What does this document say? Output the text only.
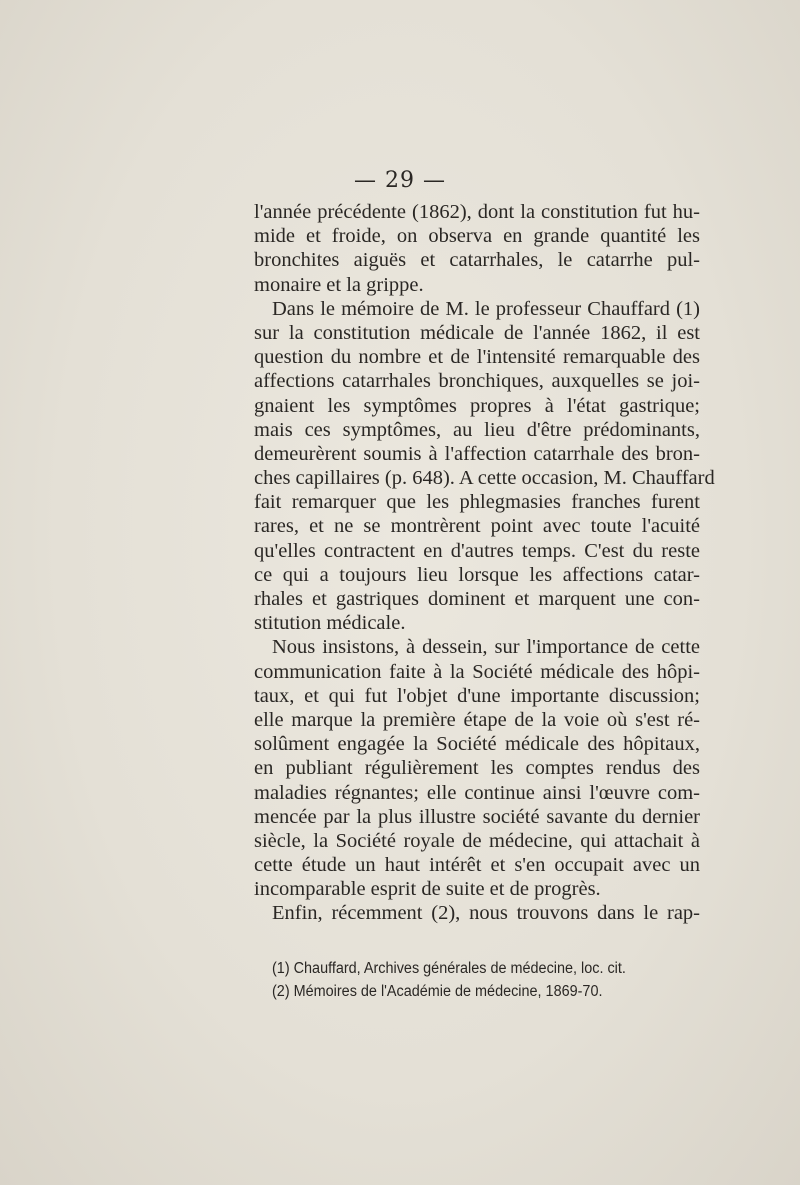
— 29 —
l'année précédente (1862), dont la constitution fut hu-
mide et froide, on observa en grande quantité les
bronchites aiguës et catarrhales, le catarrhe pul-
monaire et la grippe.
Dans le mémoire de M. le professeur Chauffard (1)
sur la constitution médicale de l'année 1862, il est
question du nombre et de l'intensité remarquable des
affections catarrhales bronchiques, auxquelles se joi-
gnaient les symptômes propres à l'état gastrique;
mais ces symptômes, au lieu d'être prédominants,
demeurèrent soumis à l'affection catarrhale des bron-
ches capillaires (p. 648). A cette occasion, M. Chauffard
fait remarquer que les phlegmasies franches furent
rares, et ne se montrèrent point avec toute l'acuité
qu'elles contractent en d'autres temps. C'est du reste
ce qui a toujours lieu lorsque les affections catar-
rhales et gastriques dominent et marquent une con-
stitution médicale.
Nous insistons, à dessein, sur l'importance de cette
communication faite à la Société médicale des hôpi-
taux, et qui fut l'objet d'une importante discussion;
elle marque la première étape de la voie où s'est ré-
solûment engagée la Société médicale des hôpitaux,
en publiant régulièrement les comptes rendus des
maladies régnantes; elle continue ainsi l'œuvre com-
mencée par la plus illustre société savante du dernier
siècle, la Société royale de médecine, qui attachait à
cette étude un haut intérêt et s'en occupait avec un
incomparable esprit de suite et de progrès.
Enfin, récemment (2), nous trouvons dans le rap-
(1) Chauffard, Archives générales de médecine, loc. cit.
(2) Mémoires de l'Académie de médecine, 1869-70.
